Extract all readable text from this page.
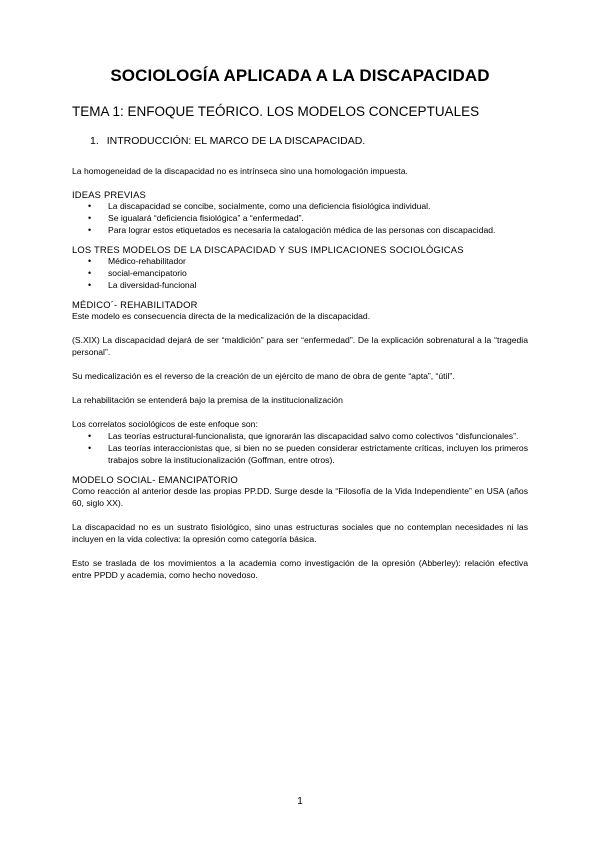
SOCIOLOGÍA APLICADA A LA DISCAPACIDAD
TEMA 1: ENFOQUE TEÓRICO. LOS MODELOS CONCEPTUALES
1. INTRODUCCIÓN: EL MARCO DE LA DISCAPACIDAD.

La homogeneidad de la discapacidad no es intrínseca sino una homologación impuesta.

IDEAS PREVIAS
• La discapacidad se concibe, socialmente, como una deficiencia fisiológica individual.
• Se igualará “deficiencia fisiológica” a “enfermedad”.
• Para lograr estos etiquetados es necesaria la catalogación médica de las personas con discapacidad.
LOS TRES MODELOS DE LA DISCAPACIDAD Y SUS IMPLICACIONES SOCIOLÓGICAS
• Médico-rehabilitador
• social-emancipatorio
• La diversidad-funcional
MÉDICO´- REHABILITADOR

Este modelo es consecuencia directa de la medicalización de la discapacidad.

(S.XIX) La discapacidad dejará de ser “maldición” para ser “enfermedad”. De la explicación sobrenatural a la “tragedia personal”.

Su medicalización es el reverso de la creación de un ejército de mano de obra de gente “apta”, “útil”.

La rehabilitación se entenderá bajo la premisa de la institucionalización

Los correlatos sociológicos de este enfoque son:

• Las teorías estructural-funcionalista, que ignorarán las discapacidad salvo como colectivos “disfuncionales”.
• Las teorías interaccionistas que, si bien no se pueden considerar estrictamente críticas, incluyen los primeros trabajos sobre la institucionalización (Goffman, entre otros).
MODELO SOCIAL- EMANCIPATORIO

Como reacción al anterior desde las propias PP.DD. Surge desde la “Filosofía de la Vida Independiente” en USA (años 60, siglo XX).

La discapacidad no es un sustrato fisiológico, sino unas estructuras sociales que no contemplan necesidades ni las incluyen en la vida colectiva: la opresión como categoría básica.

Esto se traslada de los movimientos a la academia como investigación de la opresión (Abberley): relación efectiva entre PPDD y academia, como hecho novedoso.

1
